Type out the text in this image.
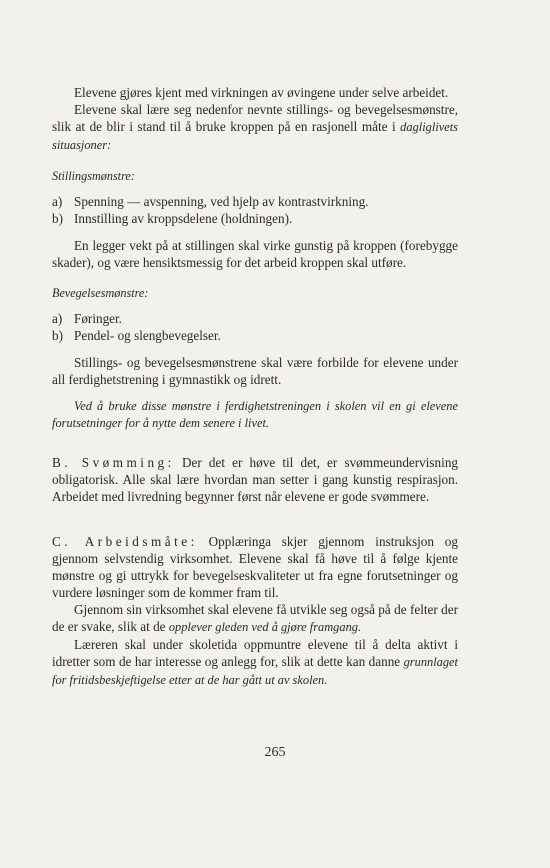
Elevene gjøres kjent med virkningen av øvingene under selve arbeidet.

Elevene skal lære seg nedenfor nevnte stillings- og bevegelsesmønstre, slik at de blir i stand til å bruke kroppen på en rasjonell måte i dagliglivets situasjoner:

Stillingsmønstre:

a) Spenning — avspenning, ved hjelp av kontrastvirkning.
b) Innstilling av kroppsdelene (holdningen).

En legger vekt på at stillingen skal virke gunstig på kroppen (forebygge skader), og være hensiktsmessig for det arbeid kroppen skal utføre.

Bevegelsesmønstre:

a) Føringer.
b) Pendel- og slengbevegelser.

Stillings- og bevegelsesmønstrene skal være forbilde for elevene under all ferdighetstrening i gymnastikk og idrett.

Ved å bruke disse mønstre i ferdighetstreningen i skolen vil en gi elevene forutsetninger for å nytte dem senere i livet.

B. Svømming: Der det er høve til det, er svømmeundervisning obligatorisk. Alle skal lære hvordan man setter i gang kunstig respirasjon. Arbeidet med livredning begynner først når elevene er gode svømmere.

C. Arbeidsmåte: Opplæringa skjer gjennom instruksjon og gjennom selvstendig virksomhet. Elevene skal få høve til å følge kjente mønstre og gi uttrykk for bevegelseskvaliteter ut fra egne forutsetninger og vurdere løsninger som de kommer fram til.

Gjennom sin virksomhet skal elevene få utvikle seg også på de felter der de er svake, slik at de opplever gleden ved å gjøre framgang.

Læreren skal under skoletida oppmuntre elevene til å delta aktivt i idretter som de har interesse og anlegg for, slik at dette kan danne grunnlaget for fritidsbeskjeftigelse etter at de har gått ut av skolen.

265
